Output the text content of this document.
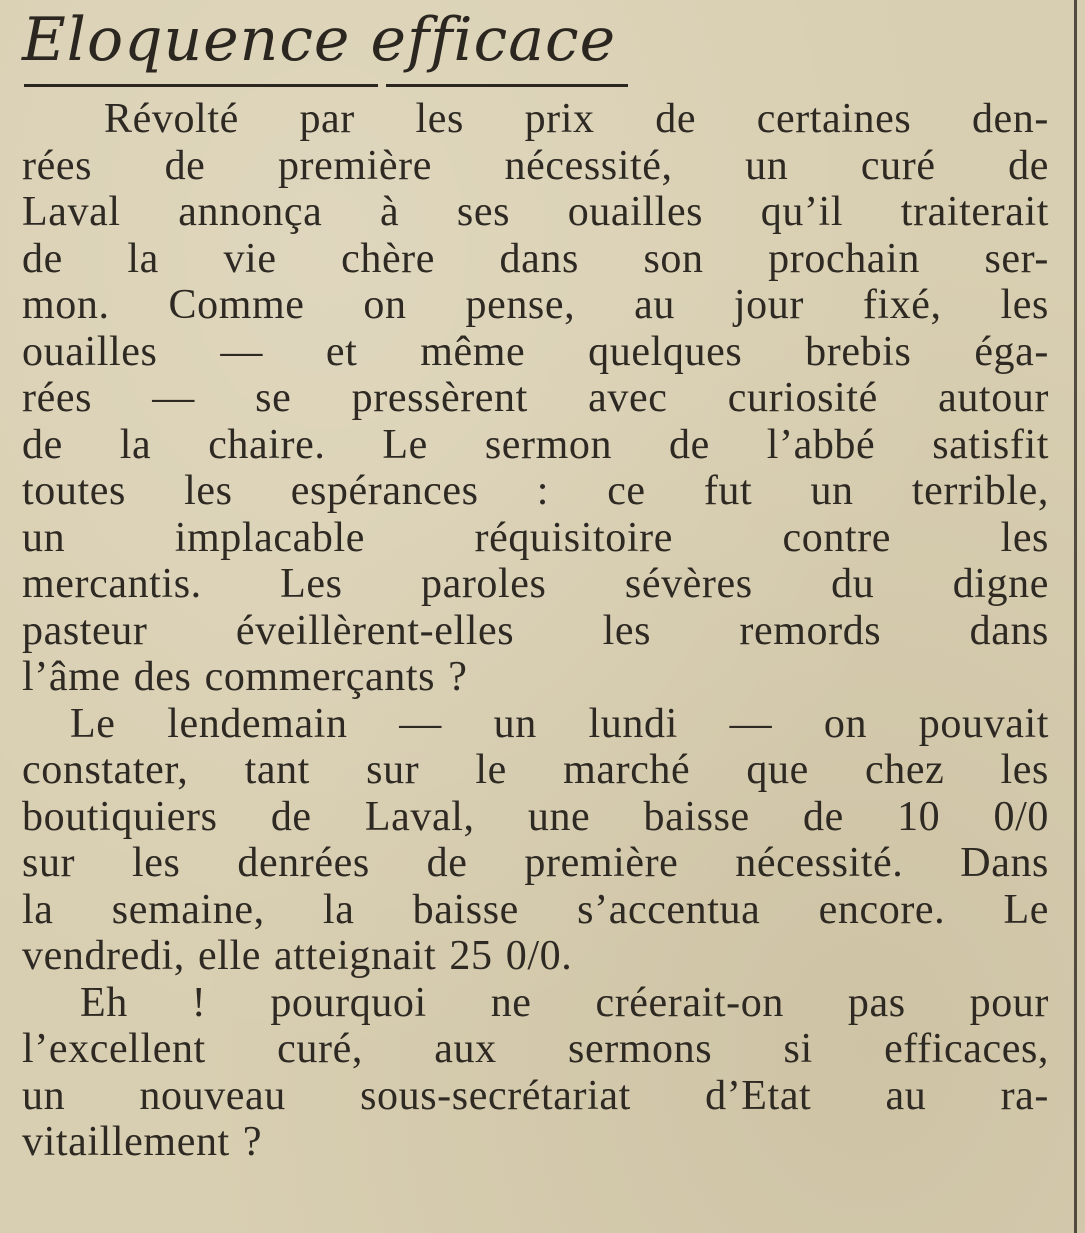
Eloquence efficace

Révolté par les prix de certaines den-
rées de première nécessité, un curé de
Laval annonça à ses ouailles qu’il traiterait
de la vie chère dans son prochain ser-
mon. Comme on pense, au jour fixé, les
ouailles — et même quelques brebis éga-
rées — se pressèrent avec curiosité autour
de la chaire. Le sermon de l’abbé satisfit
toutes les espérances : ce fut un terrible,
un implacable réquisitoire contre les
mercantis. Les paroles sévères du digne
pasteur éveillèrent-elles les remords dans
l’âme des commerçants ?

Le lendemain — un lundi — on pouvait
constater, tant sur le marché que chez les
boutiquiers de Laval, une baisse de 10 0/0
sur les denrées de première nécessité. Dans
la semaine, la baisse s’accentua encore. Le
vendredi, elle atteignait 25 0/0.

Eh ! pourquoi ne créerait-on pas pour
l’excellent curé, aux sermons si efficaces,
un nouveau sous-secrétariat d’Etat au ra-
vitaillement ?
